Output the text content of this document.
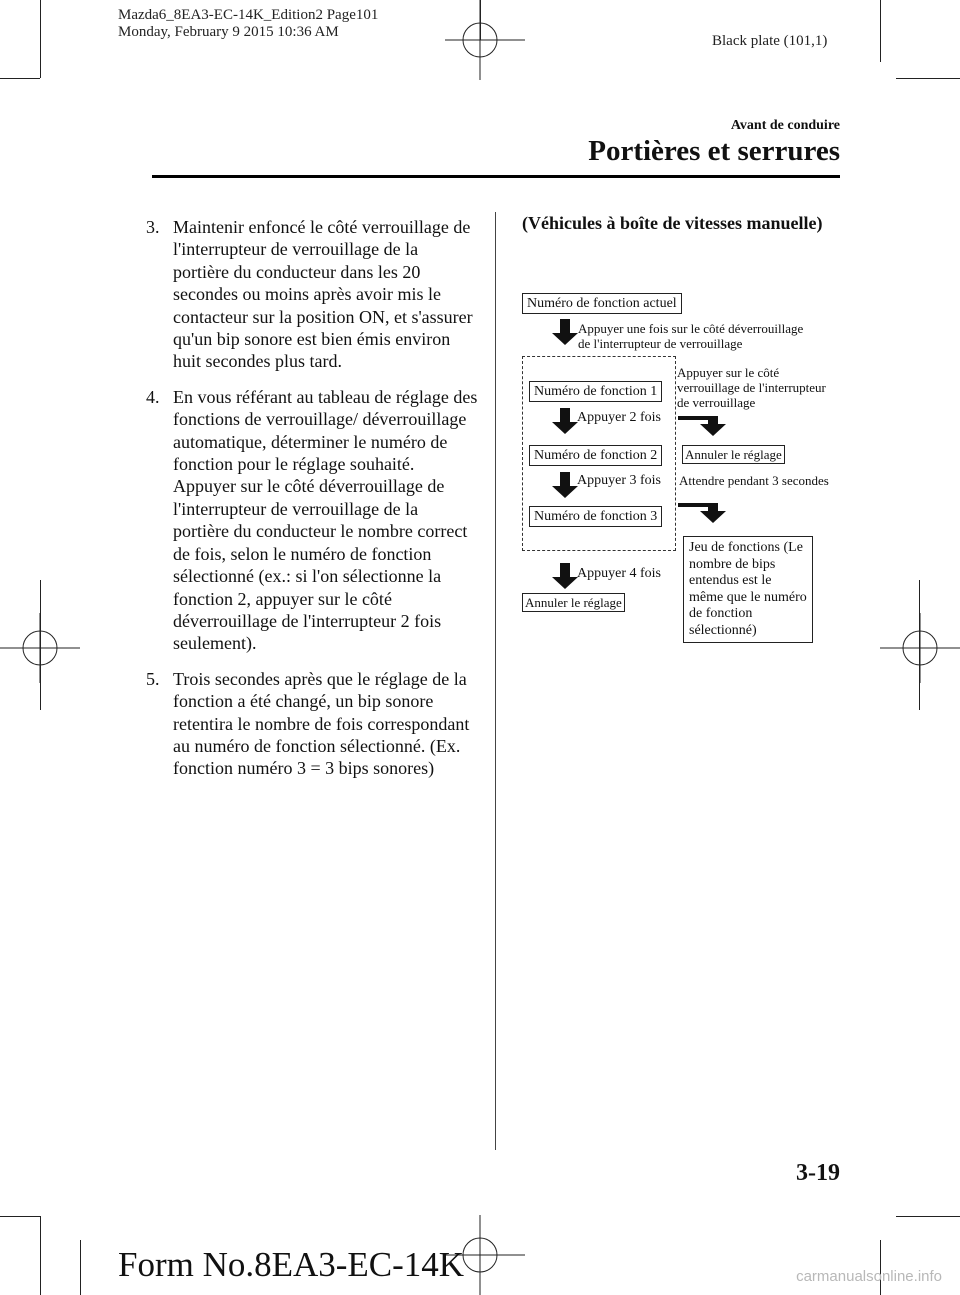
Mazda6_8EA3-EC-14K_Edition2 Page101
Monday, February 9 2015 10:36 AM
Black plate (101,1)
Avant de conduire
Portières et serrures
3. Maintenir enfoncé le côté verrouillage de l'interrupteur de verrouillage de la portière du conducteur dans les 20 secondes ou moins après avoir mis le contacteur sur la position ON, et s'assurer qu'un bip sonore est bien émis environ huit secondes plus tard.
4. En vous référant au tableau de réglage des fonctions de verrouillage/ déverrouillage automatique, déterminer le numéro de fonction pour le réglage souhaité. Appuyer sur le côté déverrouillage de l'interrupteur de verrouillage de la portière du conducteur le nombre correct de fois, selon le numéro de fonction sélectionné (ex.: si l'on sélectionne la fonction 2, appuyer sur le côté déverrouillage de l'interrupteur 2 fois seulement).
5. Trois secondes après que le réglage de la fonction a été changé, un bip sonore retentira le nombre de fois correspondant au numéro de fonction sélectionné. (Ex. fonction numéro 3 = 3 bips sonores)
(Véhicules à boîte de vitesses manuelle)
Numéro de fonction actuel
Appuyer une fois sur le côté déverrouillage
de l'interrupteur de verrouillage
Numéro de fonction 1
Appuyer 2 fois
Numéro de fonction 2
Appuyer 3 fois
Numéro de fonction 3
Appuyer 4 fois
Annuler le réglage
Appuyer sur le côté
verrouillage de l'interrupteur
de verrouillage
Annuler le réglage
Attendre pendant 3 secondes
Jeu de fonctions (Le nombre de bips entendus est le même que le numéro de fonction sélectionné)
3-19
Form No.8EA3-EC-14K	carmanualsonline.info
